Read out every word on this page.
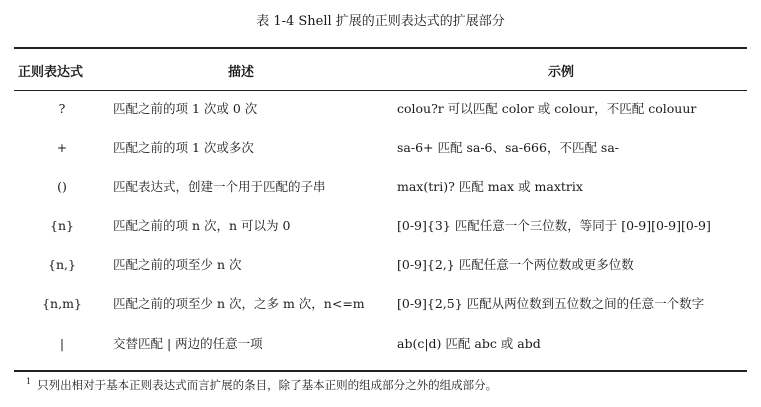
表 1-4 Shell 扩展的正则表达式的扩展部分
正则表达式	描述	示例
?	匹配之前的项 1 次或 0 次	colou?r 可以匹配 color 或 colour，不匹配 colouur
+	匹配之前的项 1 次或多次	sa-6+ 匹配 sa-6、sa-666，不匹配 sa-
()	匹配表达式，创建一个用于匹配的子串	max(tri)? 匹配 max 或 maxtrix
{n}	匹配之前的项 n 次，n 可以为 0	[0-9]{3} 匹配任意一个三位数，等同于 [0-9][0-9][0-9]
{n,}	匹配之前的项至少 n 次	[0-9]{2,} 匹配任意一个两位数或更多位数
{n,m}	匹配之前的项至少 n 次，之多 m 次，n<=m	[0-9]{2,5} 匹配从两位数到五位数之间的任意一个数字
|	交替匹配 | 两边的任意一项	ab(c|d) 匹配 abc 或 abd
$^1$ 只列出相对于基本正则表达式而言扩展的条目，除了基本正则的组成部分之外的组成部分。
